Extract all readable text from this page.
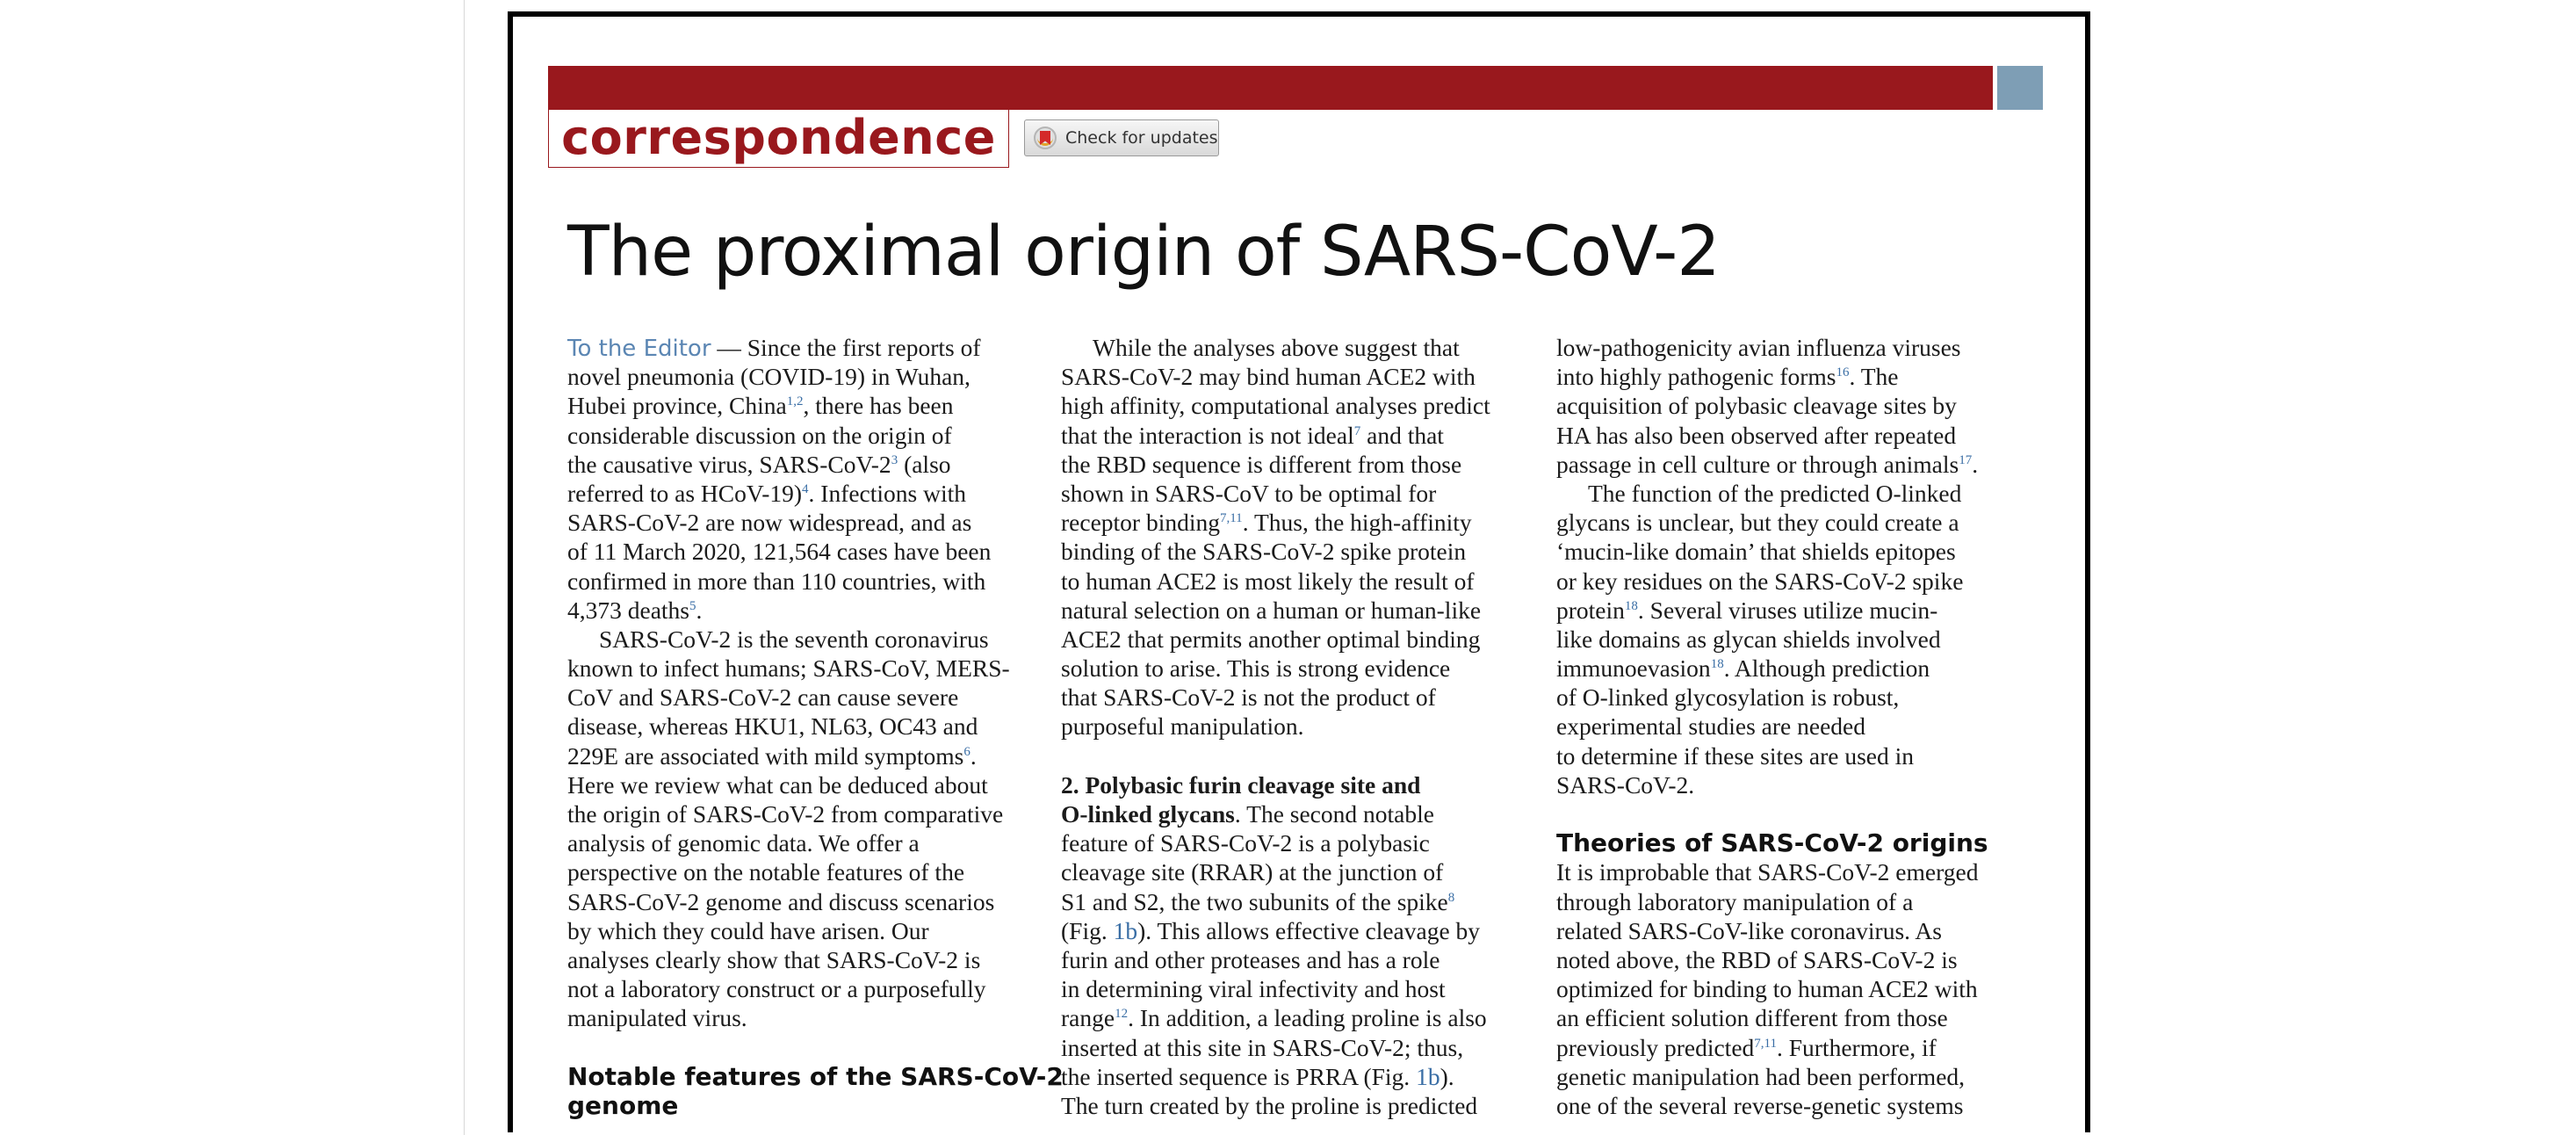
correspondence	Check for updates
The proximal origin of SARS-CoV-2
To the Editor — Since the first reports of
novel pneumonia (COVID-19) in Wuhan,
Hubei province, China$^{1,2}$, there has been
considerable discussion on the origin of
the causative virus, SARS-CoV-2$^3$ (also
referred to as HCoV-19)$^4$. Infections with
SARS-CoV-2 are now widespread, and as
of 11 March 2020, 121,564 cases have been
confirmed in more than 110 countries, with
4,373 deaths$^5$.
SARS-CoV-2 is the seventh coronavirus
known to infect humans; SARS-CoV, MERS-
CoV and SARS-CoV-2 can cause severe
disease, whereas HKU1, NL63, OC43 and
229E are associated with mild symptoms$^6$.
Here we review what can be deduced about
the origin of SARS-CoV-2 from comparative
analysis of genomic data. We offer a
perspective on the notable features of the
SARS-CoV-2 genome and discuss scenarios
by which they could have arisen. Our
analyses clearly show that SARS-CoV-2 is
not a laboratory construct or a purposefully
manipulated virus.
Notable features of the SARS-CoV-2
genome
While the analyses above suggest that
SARS-CoV-2 may bind human ACE2 with
high affinity, computational analyses predict
that the interaction is not ideal$^7$ and that
the RBD sequence is different from those
shown in SARS-CoV to be optimal for
receptor binding$^{7,11}$. Thus, the high-affinity
binding of the SARS-CoV-2 spike protein
to human ACE2 is most likely the result of
natural selection on a human or human-like
ACE2 that permits another optimal binding
solution to arise. This is strong evidence
that SARS-CoV-2 is not the product of
purposeful manipulation.
2. Polybasic furin cleavage site and
O-linked glycans. The second notable
feature of SARS-CoV-2 is a polybasic
cleavage site (RRAR) at the junction of
S1 and S2, the two subunits of the spike$^8$
(Fig. 1b). This allows effective cleavage by
furin and other proteases and has a role
in determining viral infectivity and host
range$^{12}$. In addition, a leading proline is also
inserted at this site in SARS-CoV-2; thus,
the inserted sequence is PRRA (Fig. 1b).
The turn created by the proline is predicted
low-pathogenicity avian influenza viruses
into highly pathogenic forms$^{16}$. The
acquisition of polybasic cleavage sites by
HA has also been observed after repeated
passage in cell culture or through animals$^{17}$.
The function of the predicted O-linked
glycans is unclear, but they could create a
‘mucin-like domain’ that shields epitopes
or key residues on the SARS-CoV-2 spike
protein$^{18}$. Several viruses utilize mucin-
like domains as glycan shields involved
immunoevasion$^{18}$. Although prediction
of O-linked glycosylation is robust,
experimental studies are needed
to determine if these sites are used in
SARS-CoV-2.
Theories of SARS-CoV-2 origins
It is improbable that SARS-CoV-2 emerged
through laboratory manipulation of a
related SARS-CoV-like coronavirus. As
noted above, the RBD of SARS-CoV-2 is
optimized for binding to human ACE2 with
an efficient solution different from those
previously predicted$^{7,11}$. Furthermore, if
genetic manipulation had been performed,
one of the several reverse-genetic systems
